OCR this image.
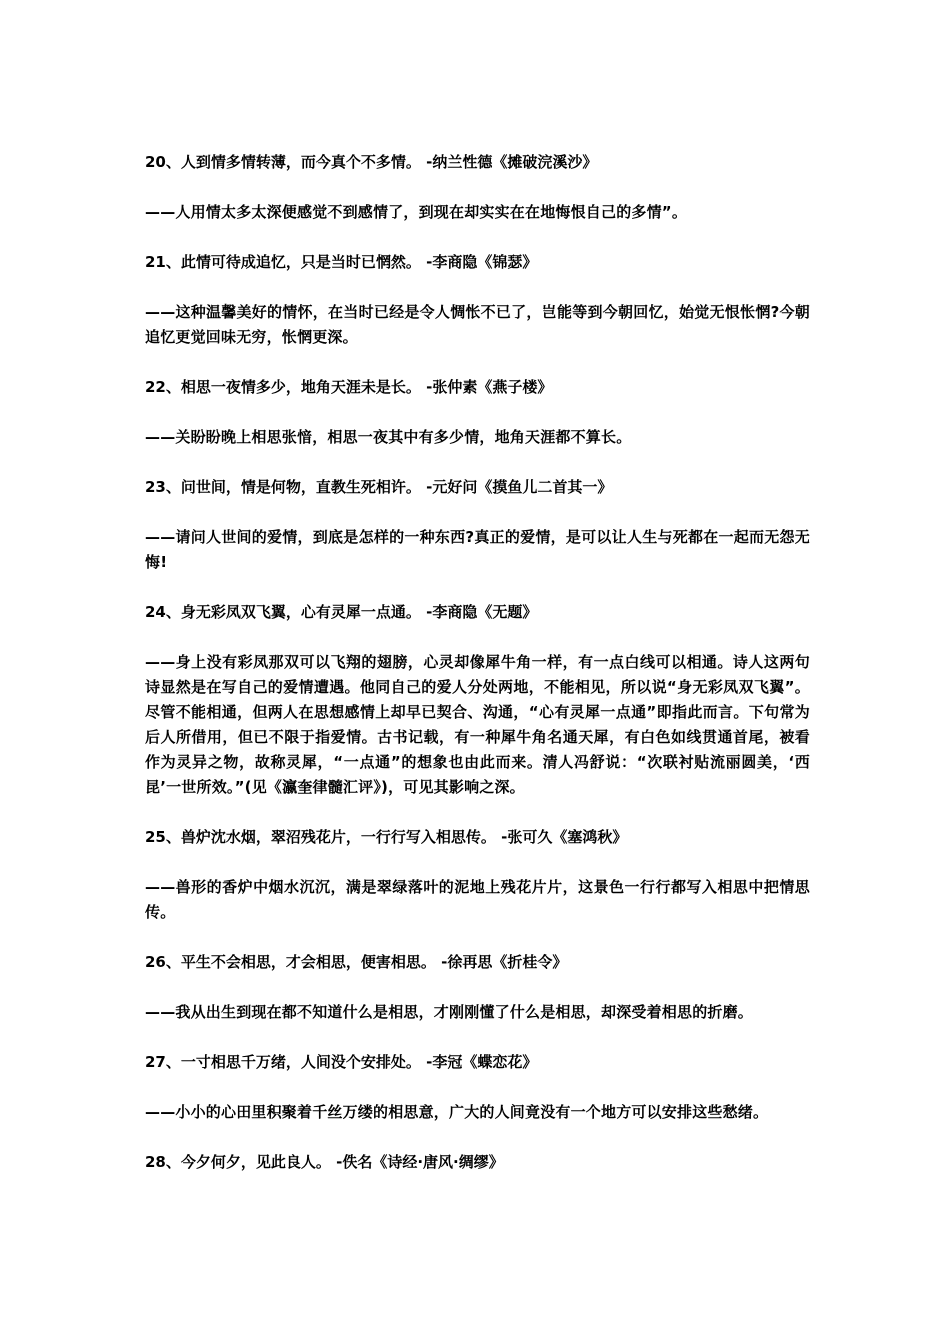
20、人到情多情转薄，而今真个不多情。 -纳兰性德《摊破浣溪沙》

——人用情太多太深便感觉不到感情了，到现在却实实在在地悔恨自己的多情”。

21、此情可待成追忆，只是当时已惘然。 -李商隐《锦瑟》

——这种温馨美好的情怀，在当时已经是令人惆怅不已了，岂能等到今朝回忆，始觉无恨怅惘?今朝追忆更觉回味无穷，怅惘更深。

22、相思一夜情多少，地角天涯未是长。 -张仲素《燕子楼》

——关盼盼晚上相思张愔，相思一夜其中有多少情，地角天涯都不算长。

23、问世间，情是何物，直教生死相许。 -元好问《摸鱼儿二首其一》

——请问人世间的爱情，到底是怎样的一种东西?真正的爱情，是可以让人生与死都在一起而无怨无悔!

24、身无彩凤双飞翼，心有灵犀一点通。 -李商隐《无题》

——身上没有彩凤那双可以飞翔的翅膀，心灵却像犀牛角一样，有一点白线可以相通。诗人这两句诗显然是在写自己的爱情遭遇。他同自己的爱人分处两地，不能相见，所以说“身无彩凤双飞翼”。尽管不能相通，但两人在思想感情上却早已契合、沟通，“心有灵犀一点通”即指此而言。下句常为后人所借用，但已不限于指爱情。古书记载，有一种犀牛角名通天犀，有白色如线贯通首尾，被看作为灵异之物，故称灵犀，“一点通”的想象也由此而来。清人冯舒说：“次联衬贴流丽圆美，‘西昆’一世所效。”(见《瀛奎律髓汇评》)，可见其影响之深。

25、兽炉沈水烟，翠沼残花片，一行行写入相思传。 -张可久《塞鸿秋》

——兽形的香炉中烟水沉沉，满是翠绿落叶的泥地上残花片片，这景色一行行都写入相思中把情思传。

26、平生不会相思，才会相思，便害相思。 -徐再思《折桂令》

——我从出生到现在都不知道什么是相思，才刚刚懂了什么是相思，却深受着相思的折磨。

27、一寸相思千万绪，人间没个安排处。 -李冠《蝶恋花》

——小小的心田里积聚着千丝万缕的相思意，广大的人间竟没有一个地方可以安排这些愁绪。

28、今夕何夕，见此良人。 -佚名《诗经·唐风·绸缪》
